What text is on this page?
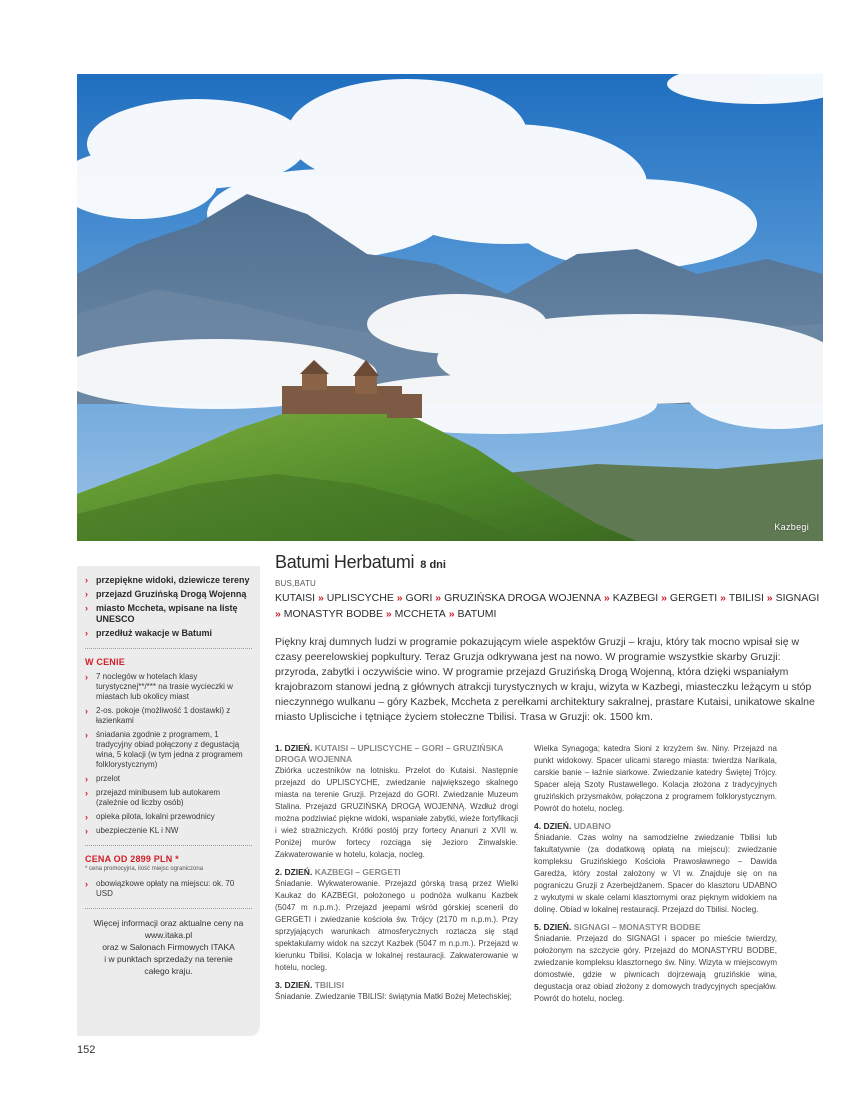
Kazbegi
› przepiękne widoki, dziewicze tereny
› przejazd Gruzińską Drogą Wojenną
› miasto Mccheta, wpisane na listę UNESCO
› przedłuż wakacje w Batumi
W CENIE
› 7 noclegów w hotelach klasy turystycznej**/*** na trasie wycieczki w miastach lub okolicy miast
› 2-os. pokoje (możliwość 1 dostawki) z łazienkami
› śniadania zgodnie z programem, 1 tradycyjny obiad połączony z degustacją wina, 5 kolacji (w tym jedna z programem folklorystycznym)
› przelot
› przejazd minibusem lub autokarem (zależnie od liczby osób)
› opieka pilota, lokalni przewodnicy
› ubezpieczenie KL i NW
CENA OD 2899 PLN *
* cena promocyjna, ilość miejsc ograniczona
› obowiązkowe opłaty na miejscu: ok. 70 USD
Więcej informacji oraz aktualne ceny na
www.itaka.pl
oraz w Salonach Firmowych ITAKA
i w punktach sprzedaży na terenie
całego kraju.
Batumi Herbatumi 8 dni
BUS,BATU
KUTAISI » UPLISCYCHE » GORI » GRUZIŃSKA DROGA WOJENNA » KAZBEGI » GERGETI » TBILISI » SIGNAGI » MONASTYR BODBE » MCCHETA » BATUMI

Piękny kraj dumnych ludzi w programie pokazującym wiele aspektów Gruzji – kraju, który tak mocno wpisał się w czasy peerelowskiej popkultury. Teraz Gruzja odkrywana jest na nowo. W programie wszystkie skarby Gruzji: przyroda, zabytki i oczywiście wino. W programie przejazd Gruzińską Drogą Wojenną, która dzięki wspaniałym krajobrazom stanowi jedną z głównych atrakcji turystycznych w kraju, wizyta w Kazbegi, miasteczku leżącym u stóp nieczynnego wulkanu – góry Kazbek, Mccheta z perełkami architektury sakralnej, prastare Kutaisi, unikatowe skalne miasto Uplisciche i tętniące życiem stołeczne Tbilisi. Trasa w Gruzji: ok. 1500 km.

1. DZIEŃ. KUTAISI – UPLISCYCHE – GORI – GRUZIŃSKA DROGA WOJENNA
Zbiórka uczestników na lotnisku. Przelot do Kutaisi. Następnie przejazd do UPLISCYCHE, zwiedzanie największego skalnego miasta na terenie Gruzji. Przejazd do GORI. Zwiedzanie Muzeum Stalina. Przejazd GRUZIŃSKĄ DROGĄ WOJENNĄ. Wzdłuż drogi można podziwiać piękne widoki, wspaniałe zabytki, wieże fortyfikacji i wież strażniczych. Krótki postój przy fortecy Ananuri z XVII w. Poniżej murów fortecy rozciąga się Jezioro Żinwalskie. Zakwaterowanie w hotelu, kolacja, nocleg.
2. DZIEŃ. KAZBEGI – GERGETI
Śniadanie. Wykwaterowanie. Przejazd górską trasą przez Wielki Kaukaz do KAZBEGI, położonego u podnóża wulkanu Kazbek (5047 m n.p.m.). Przejazd jeepami wśród górskiej scenerii do GERGETI i zwiedzanie kościoła św. Trójcy (2170 m n.p.m.). Przy sprzyjających warunkach atmosferycznych roztacza się stąd spektakularny widok na szczyt Kazbek (5047 m n.p.m.). Przejazd w kierunku Tbilisi. Kolacja w lokalnej restauracji. Zakwaterowanie w hotelu, nocleg.
3. DZIEŃ. TBILISI
Śniadanie. Zwiedzanie TBILISI: świątynia Matki Bożej Metechskiej;
Wielka Synagoga; katedra Sioni z krzyżem św. Niny. Przejazd na punkt widokowy. Spacer ulicami starego miasta: twierdza Narikala, carskie banie – łaźnie siarkowe. Zwiedzanie katedry Świętej Trójcy. Spacer aleją Szoty Rustawellego. Kolacja złożona z tradycyjnych gruzińskich przysmaków, połączona z programem folklorystycznym. Powrót do hotelu, nocleg.
4. DZIEŃ. UDABNO
Śniadanie. Czas wolny na samodzielne zwiedzanie Tbilisi lub fakultatywnie (za dodatkową opłatą na miejscu): zwiedzanie kompleksu Gruzińskiego Kościoła Prawosławnego – Dawida Garedża, który został założony w VI w. Znajduje się on na pograniczu Gruzji z Azerbejdżanem. Spacer do klasztoru UDABNO z wykutymi w skale celami klasztornymi oraz pięknym widokiem na dolinę. Obiad w lokalnej restauracji. Przejazd do Tbilisi. Nocleg.
5. DZIEŃ. SIGNAGI – MONASTYR BODBE
Śniadanie. Przejazd do SIGNAGI i spacer po mieście twierdzy, położonym na szczycie góry. Przejazd do MONASTYRU BODBE, zwiedzanie kompleksu klasztornego św. Niny. Wizyta w miejscowym domostwie, gdzie w piwnicach dojrzewają gruzińskie wina, degustacja oraz obiad złożony z domowych tradycyjnych specjałów. Powrót do hotelu, nocleg.
152
